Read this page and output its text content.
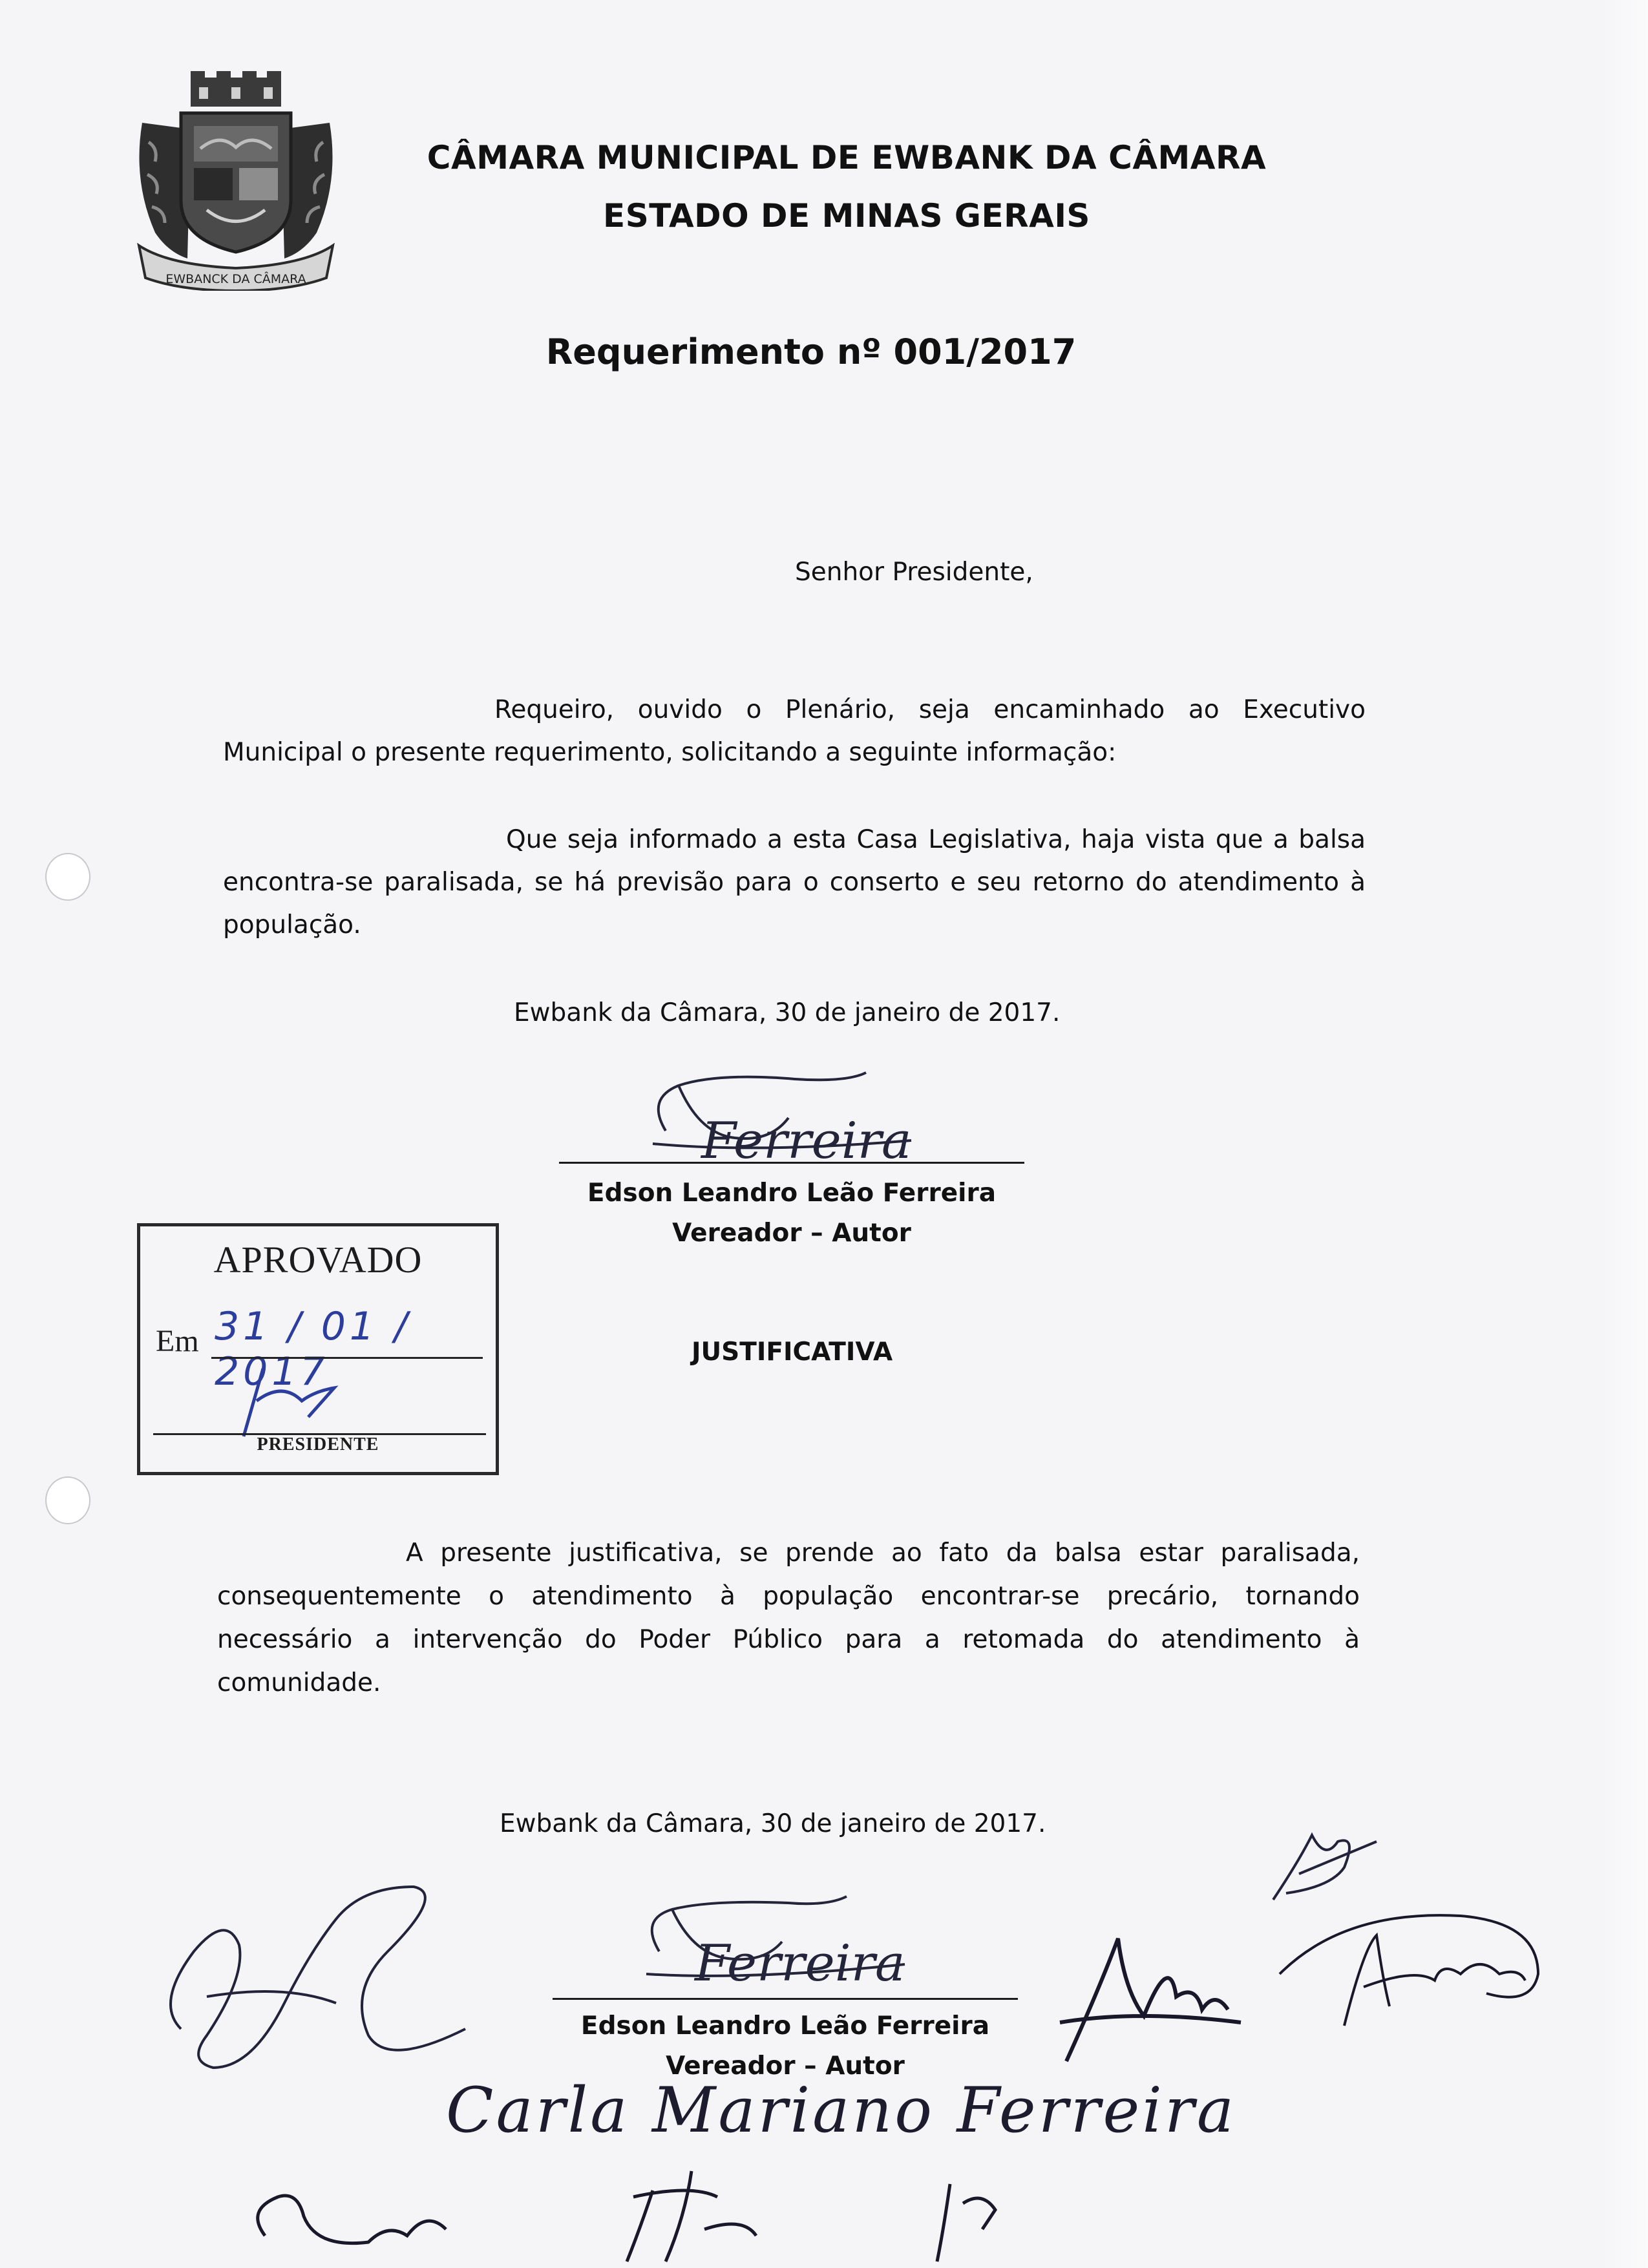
EWBANCK DA CÂMARA
CÂMARA MUNICIPAL DE EWBANK DA CÂMARA
ESTADO DE MINAS GERAIS
Requerimento nº 001/2017
Senhor Presidente,
Requeiro, ouvido o Plenário, seja encaminhado ao Executivo Municipal o presente requerimento, solicitando a seguinte informação:
Que seja informado a esta Casa Legislativa, haja vista que a balsa encontra-se paralisada, se há previsão para o conserto e seu retorno do atendimento à população.
Ewbank da Câmara, 30 de janeiro de 2017.
Ferreira
Edson Leandro Leão Ferreira
Vereador – Autor
APROVADO
31 / 01 / 2017
Em
PRESIDENTE
JUSTIFICATIVA
A presente justificativa, se prende ao fato da balsa estar paralisada, consequentemente o atendimento à população encontrar-se precário, tornando necessário a intervenção do Poder Público para a retomada do atendimento à comunidade.
Ewbank da Câmara, 30 de janeiro de 2017.
Ferreira
Edson Leandro Leão Ferreira
Vereador – Autor
Carla Mariano Ferreira
